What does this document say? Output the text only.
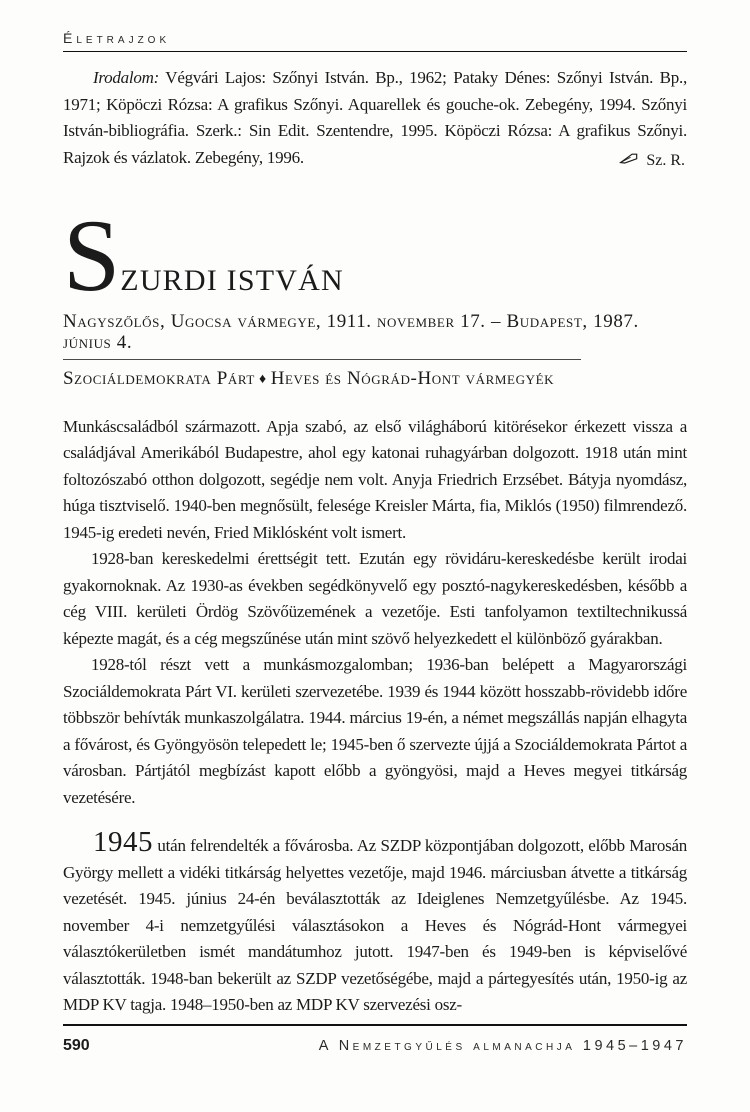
Életrajzok

Irodalom: Végvári Lajos: Szőnyi István. Bp., 1962; Pataky Dénes: Szőnyi István. Bp., 1971; Köpöczi Rózsa: A grafikus Szőnyi. Aquarellek és gouche-ok. Zebegény, 1994. Szőnyi István-bibliográfia. Szerk.: Sin Edit. Szentendre, 1995. Köpöczi Rózsa: A grafikus Szőnyi. Rajzok és vázlatok. Zebegény, 1996.	Sz. R.
SZURDI ISTVÁN
Nagyszőlős, Ugocsa vármegye, 1911. november 17. – Budapest, 1987. június 4.
Szociáldemokrata Párt ♦ Heves és Nógrád-Hont vármegyék

Munkáscsaládból származott. Apja szabó, az első világháború kitörésekor érkezett vissza a családjával Amerikából Budapestre, ahol egy katonai ruhagyárban dolgozott. 1918 után mint foltozószabó otthon dolgozott, segédje nem volt. Anyja Friedrich Erzsébet. Bátyja nyomdász, húga tisztviselő. 1940-ben megnősült, felesége Kreisler Márta, fia, Miklós (1950) filmrendező. 1945-ig eredeti nevén, Fried Miklósként volt ismert.

1928-ban kereskedelmi érettségit tett. Ezután egy rövidáru-kereskedésbe került irodai gyakornoknak. Az 1930-as években segédkönyvelő egy posztó-nagykereskedésben, később a cég VIII. kerületi Ördög Szövőüzemének a vezetője. Esti tanfolyamon textiltechnikussá képezte magát, és a cég megszűnése után mint szövő helyezkedett el különböző gyárakban.

1928-tól részt vett a munkásmozgalomban; 1936-ban belépett a Magyarországi Szociáldemokrata Párt VI. kerületi szervezetébe. 1939 és 1944 között hosszabb-rövidebb időre többször behívták munkaszolgálatra. 1944. március 19-én, a német megszállás napján elhagyta a fővárost, és Gyöngyösön telepedett le; 1945-ben ő szervezte újjá a Szociáldemokrata Pártot a városban. Pártjától megbízást kapott előbb a gyöngyösi, majd a Heves megyei titkárság vezetésére.

1945 után felrendelték a fővárosba. Az SZDP központjában dolgozott, előbb Marosán György mellett a vidéki titkárság helyettes vezetője, majd 1946. márciusban átvette a titkárság vezetését. 1945. június 24-én beválasztották az Ideiglenes Nemzetgyűlésbe. Az 1945. november 4-i nemzetgyűlési választásokon a Heves és Nógrád-Hont vármegyei választókerületben ismét mandátumhoz jutott. 1947-ben és 1949-ben is képviselővé választották. 1948-ban bekerült az SZDP vezetőségébe, majd a pártegyesítés után, 1950-ig az MDP KV tagja. 1948–1950-ben az MDP KV szervezési osz-

590	A Nemzetgyűlés almanachja 1945–1947
